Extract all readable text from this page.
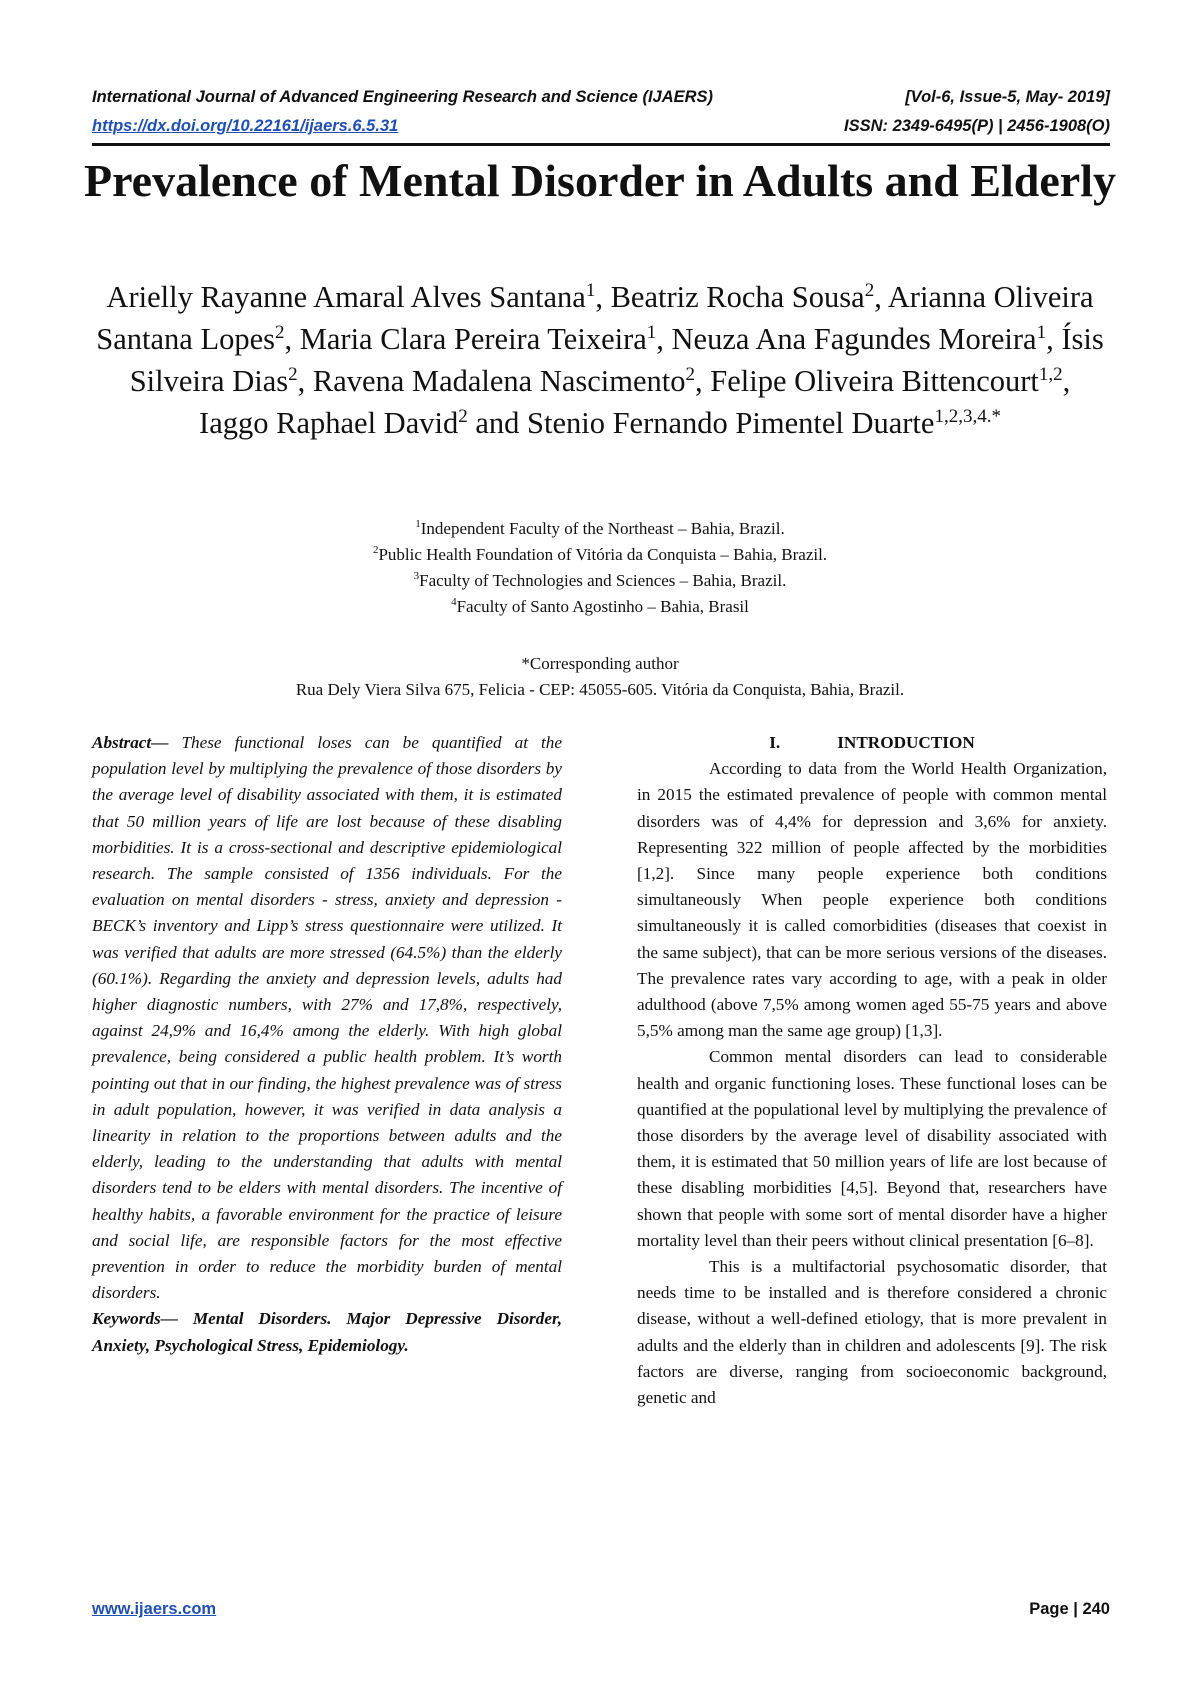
International Journal of Advanced Engineering Research and Science (IJAERS)	[Vol-6, Issue-5, May- 2019]
https://dx.doi.org/10.22161/ijaers.6.5.31	ISSN: 2349-6495(P) | 2456-1908(O)
Prevalence of Mental Disorder in Adults and Elderly
Arielly Rayanne Amaral Alves Santana$^1$, Beatriz Rocha Sousa$^2$, Arianna Oliveira Santana Lopes$^2$, Maria Clara Pereira Teixeira$^1$, Neuza Ana Fagundes Moreira$^1$, Ísis Silveira Dias$^2$, Ravena Madalena Nascimento$^2$, Felipe Oliveira Bittencourt$^{1,2}$, Iaggo Raphael David$^2$ and Stenio Fernando Pimentel Duarte$^{1,2,3,4.*}$
$^1$Independent Faculty of the Northeast – Bahia, Brazil.
$^2$Public Health Foundation of Vitória da Conquista – Bahia, Brazil.
$^3$Faculty of Technologies and Sciences – Bahia, Brazil.
$^4$Faculty of Santo Agostinho – Bahia, Brasil
*Corresponding author
Rua Dely Viera Silva 675, Felicia - CEP: 45055-605. Vitória da Conquista, Bahia, Brazil.
Abstract— These functional loses can be quantified at the population level by multiplying the prevalence of those disorders by the average level of disability associated with them, it is estimated that 50 million years of life are lost because of these disabling morbidities. It is a cross-sectional and descriptive epidemiological research. The sample consisted of 1356 individuals. For the evaluation on mental disorders - stress, anxiety and depression - BECK’s inventory and Lipp’s stress questionnaire were utilized. It was verified that adults are more stressed (64.5%) than the elderly (60.1%). Regarding the anxiety and depression levels, adults had higher diagnostic numbers, with 27% and 17,8%, respectively, against 24,9% and 16,4% among the elderly. With high global prevalence, being considered a public health problem. It’s worth pointing out that in our finding, the highest prevalence was of stress in adult population, however, it was verified in data analysis a linearity in relation to the proportions between adults and the elderly, leading to the understanding that adults with mental disorders tend to be elders with mental disorders. The incentive of healthy habits, a favorable environment for the practice of leisure and social life, are responsible factors for the most effective prevention in order to reduce the morbidity burden of mental disorders.
Keywords— Mental Disorders. Major Depressive Disorder, Anxiety, Psychological Stress, Epidemiology.

I.	INTRODUCTION

According to data from the World Health Organization, in 2015 the estimated prevalence of people with common mental disorders was of 4,4% for depression and 3,6% for anxiety. Representing 322 million of people affected by the morbidities [1,2]. Since many people experience both conditions simultaneously When people experience both conditions simultaneously it is called comorbidities (diseases that coexist in the same subject), that can be more serious versions of the diseases. The prevalence rates vary according to age, with a peak in older adulthood (above 7,5% among women aged 55-75 years and above 5,5% among man the same age group) [1,3].

Common mental disorders can lead to considerable health and organic functioning loses. These functional loses can be quantified at the populational level by multiplying the prevalence of those disorders by the average level of disability associated with them, it is estimated that 50 million years of life are lost because of these disabling morbidities [4,5]. Beyond that, researchers have shown that people with some sort of mental disorder have a higher mortality level than their peers without clinical presentation [6–8].

This is a multifactorial psychosomatic disorder, that needs time to be installed and is therefore considered a chronic disease, without a well-defined etiology, that is more prevalent in adults and the elderly than in children and adolescents [9]. The risk factors are diverse, ranging from socioeconomic background, genetic and

www.ijaers.com	Page | 240
